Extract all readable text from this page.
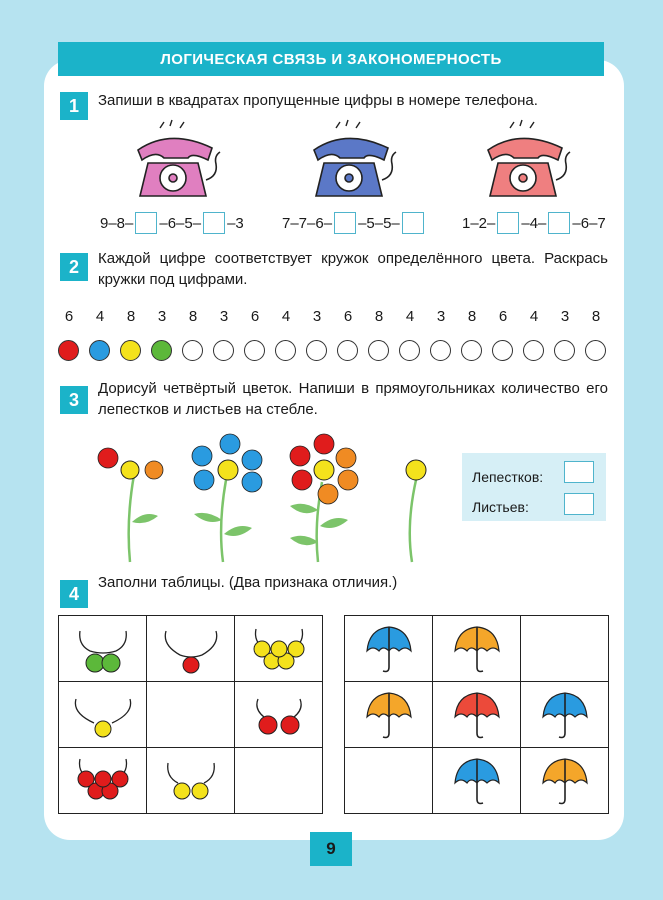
ЛОГИЧЕСКАЯ СВЯЗЬ И ЗАКОНОМЕРНОСТЬ
1	Запиши в квадратах пропущенные цифры в номере телефона.
9–8– –6–5– –3	7–7–6– –5–5–	1–2– –4– –6–7
2	Каждой цифре соответствует кружок определённого цвета. Раскрась кружки под цифрами.
6	4	8	3	8	3	6	4	3	6	8	4	3	8	6	4	3	8
3
Дорисуй четвёртый цветок. Напиши в прямоугольниках количество его лепестков и листьев на стебле.
Лепестков:
Листьев:
4
Заполни таблицы. (Два признака отличия.)
9
